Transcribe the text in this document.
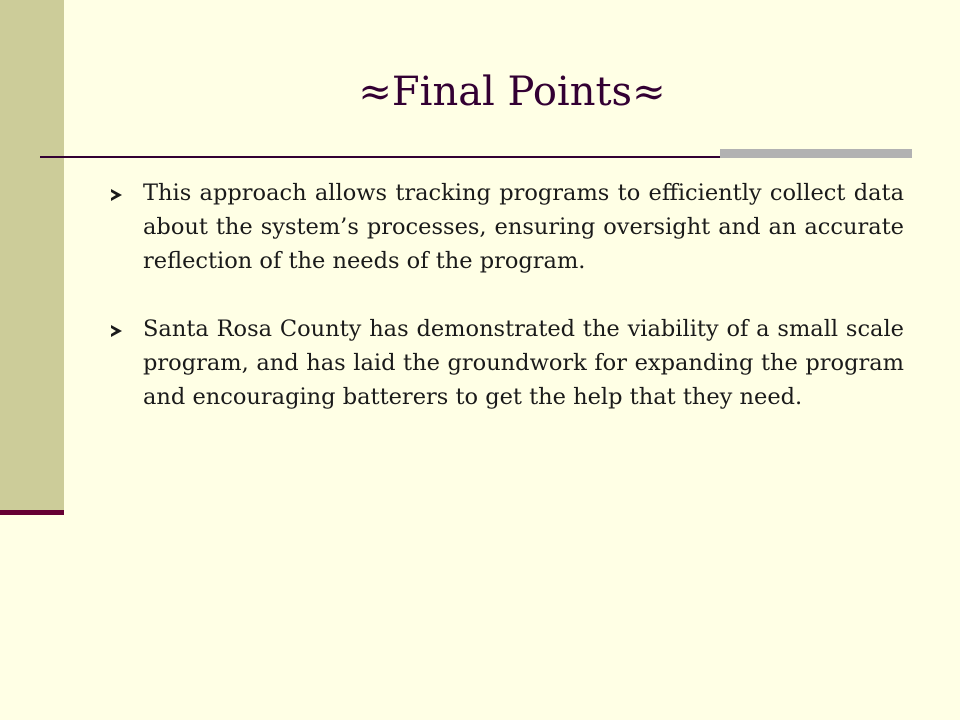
≈Final Points≈
This approach allows tracking programs to efficiently collect data about the system’s processes, ensuring oversight and an accurate reflection of the needs of the program.
Santa Rosa County has demonstrated the viability of a small scale program, and has laid the groundwork for expanding the program and encouraging batterers to get the help that they need.
